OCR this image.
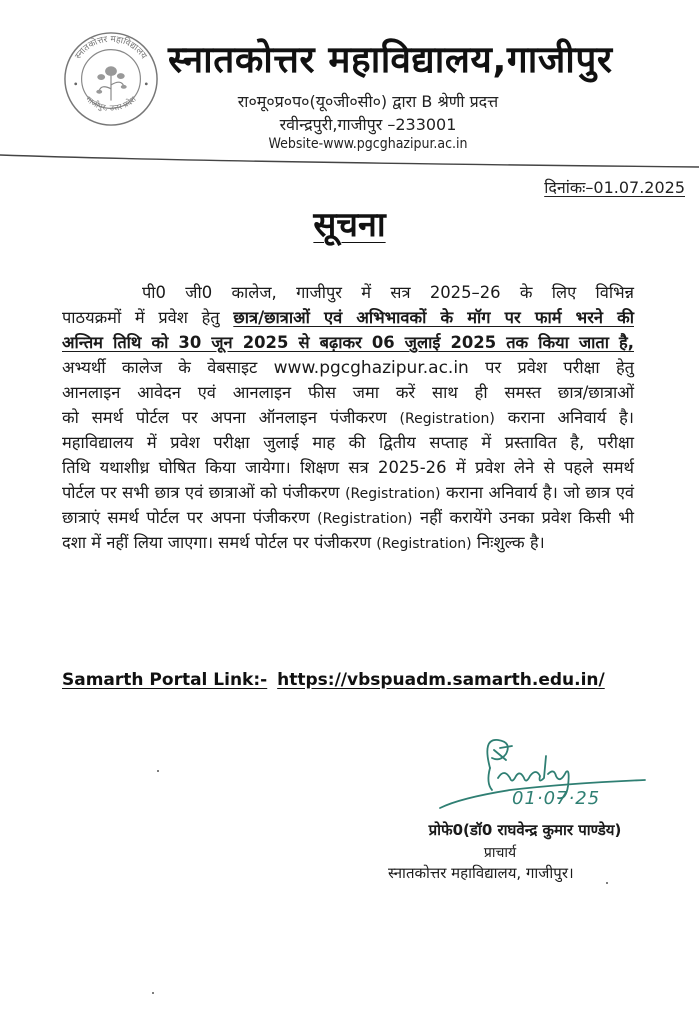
स्नातकोत्तर महाविद्यालय
गाजीपुर, उत्तर प्रदेश
स्नातकोत्तर महाविद्यालय,गाजीपुर
रा०मू०प्र०प०(यू०जी०सी०) द्वारा B श्रेणी प्रदत्त
रवीन्द्रपुरी,गाजीपुर –233001
Website-www.pgcghazipur.ac.in
दिनांकः–01.07.2025
सूचना
पी0 जी0 कालेज, गाजीपुर में सत्र 2025–26 के लिए विभिन्न
पाठयक्रमों में प्रवेश हेतु छात्र/छात्राओं एवं अभिभावकों के मॉग पर फार्म भरने की
अन्तिम तिथि को 30 जून 2025 से बढ़ाकर 06 जुलाई 2025 तक किया जाता है,
अभ्यर्थी कालेज के वेबसाइट www.pgcghazipur.ac.in पर प्रवेश परीक्षा हेतु
आनलाइन आवेदन एवं आनलाइन फीस जमा करें साथ ही समस्त छात्र/छात्राओं
को समर्थ पोर्टल पर अपना ऑनलाइन पंजीकरण (Registration) कराना अनिवार्य है।
महाविद्यालय में प्रवेश परीक्षा जुलाई माह की द्वितीय सप्ताह में प्रस्तावित है, परीक्षा
तिथि यथाशीध्र घोषित किया जायेगा। शिक्षण सत्र 2025-26 में प्रवेश लेने से पहले समर्थ
पोर्टल पर सभी छात्र एवं छात्राओं को पंजीकरण (Registration) कराना अनिवार्य है। जो छात्र एवं
छात्राएं समर्थ पोर्टल पर अपना पंजीकरण (Registration) नहीं करायेंगे उनका प्रवेश किसी भी
दशा में नहीं लिया जाएगा। समर्थ पोर्टल पर पंजीकरण (Registration) निःशुल्क है।
Samarth Portal Link:- https://vbspuadm.samarth.edu.in/
01·07·25
प्रोफे0(डॉ0 राघवेन्द्र कुमार पाण्डेय)
प्राचार्य
स्नातकोत्तर महाविद्यालय, गाजीपुर।
